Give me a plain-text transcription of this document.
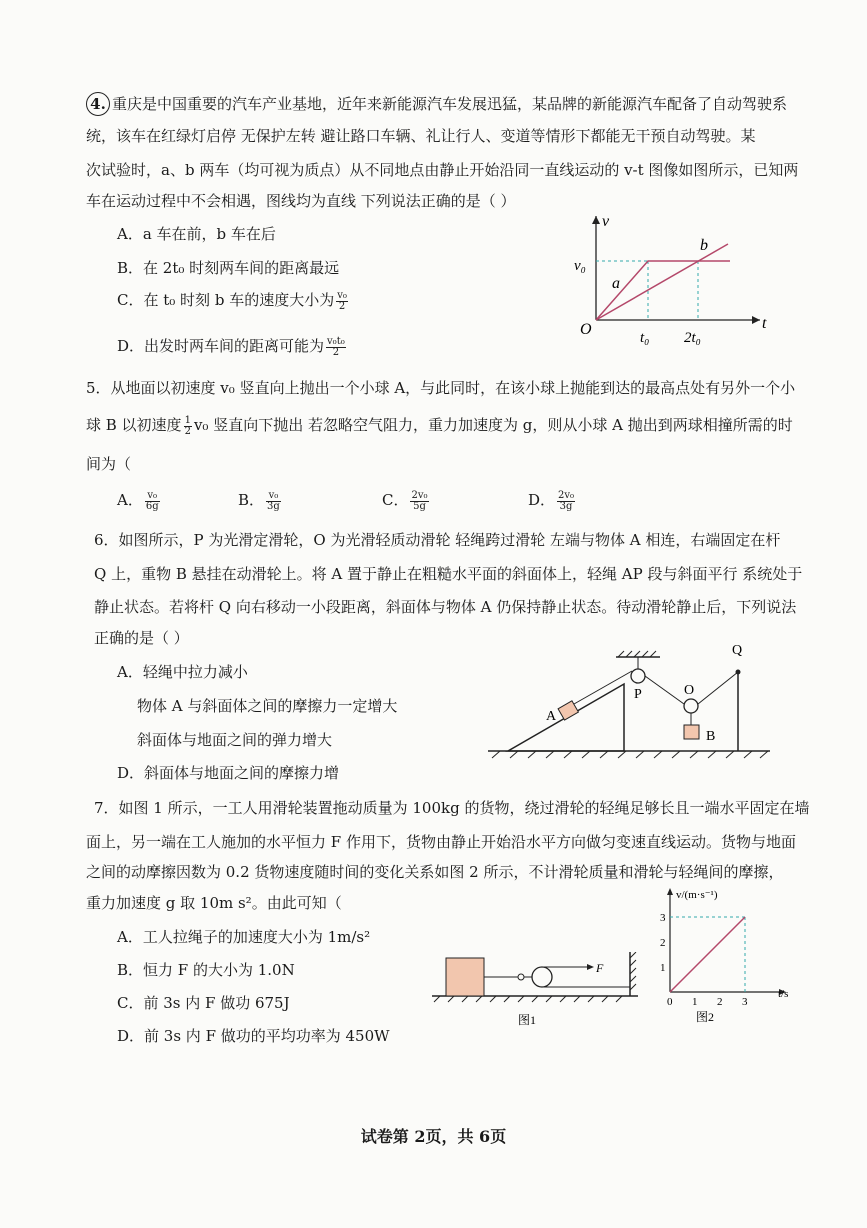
4. 重庆是中国重要的汽车产业基地，近年来新能源汽车发展迅猛，某品牌的新能源汽车配备了自动驾驶系
统，该车在红绿灯启停 无保护左转 避让路口车辆、礼让行人、变道等情形下都能无干预自动驾驶。某
次试验时，a、b 两车（均可视为质点）从不同地点由静止开始沿同一直线运动的 v-t 图像如图所示，已知两
车在运动过程中不会相遇，图线均为直线 下列说法正确的是（ ）
A．a 车在前，b 车在后
B．在 2t₀ 时刻两车间的距离最远
C．在 t₀ 时刻 b 车的速度大小为 $\frac{\text{v₀}}{2}$
D．出发时两车间的距离可能为 $\frac{\text{v₀t₀}}{2}$
v
t
O
v₀
t₀ 2t₀
a
b
5．从地面以初速度 v₀ 竖直向上抛出一个小球 A，与此同时，在该小球上抛能到达的最高点处有另外一个小
球 B 以初速度 $\frac{1}{2} v_0$ 竖直向下抛出 若忽略空气阻力，重力加速度为 g，则从小球 A 抛出到两球相撞所需的时
间为（
A． $\frac{\text{v₀}}{6g}$	B． $\frac{\text{v₀}}{3g}$	C． $\frac{\text{2v₀}}{5g}$	D． $\frac{\text{2v₀}}{3g}$
6．如图所示，P 为光滑定滑轮，O 为光滑轻质动滑轮 轻绳跨过滑轮 左端与物体 A 相连，右端固定在杆
Q 上，重物 B 悬挂在动滑轮上。将 A 置于静止在粗糙水平面的斜面体上，轻绳 AP 段与斜面平行 系统处于
静止状态。若将杆 Q 向右移动一小段距离，斜面体与物体 A 仍保持静止状态。待动滑轮静止后，下列说法
正确的是（ ）
A．轻绳中拉力减小
物体 A 与斜面体之间的摩擦力一定增大
斜面体与地面之间的弹力增大
D．斜面体与地面之间的摩擦力增
P	O
Q
A
B
7．如图 1 所示，一工人用滑轮装置拖动质量为 100kg 的货物，绕过滑轮的轻绳足够长且一端水平固定在墙
面上，另一端在工人施加的水平恒力 F 作用下，货物由静止开始沿水平方向做匀变速直线运动。货物与地面
之间的动摩擦因数为 0.2 货物速度随时间的变化关系如图 2 所示，不计滑轮质量和滑轮与轻绳间的摩擦，
重力加速度 g 取 10m s²。由此可知（
A．工人拉绳子的加速度大小为 1m/s²
B．恒力 F 的大小为 1.0N
C．前 3s 内 F 做功 675J
D．前 3s 内 F 做功的平均功率为 450W
F
图1
0 1 2 3
1
2
3
v/(m·s⁻¹)
t/s
图2
试卷第 2页，共 6页
